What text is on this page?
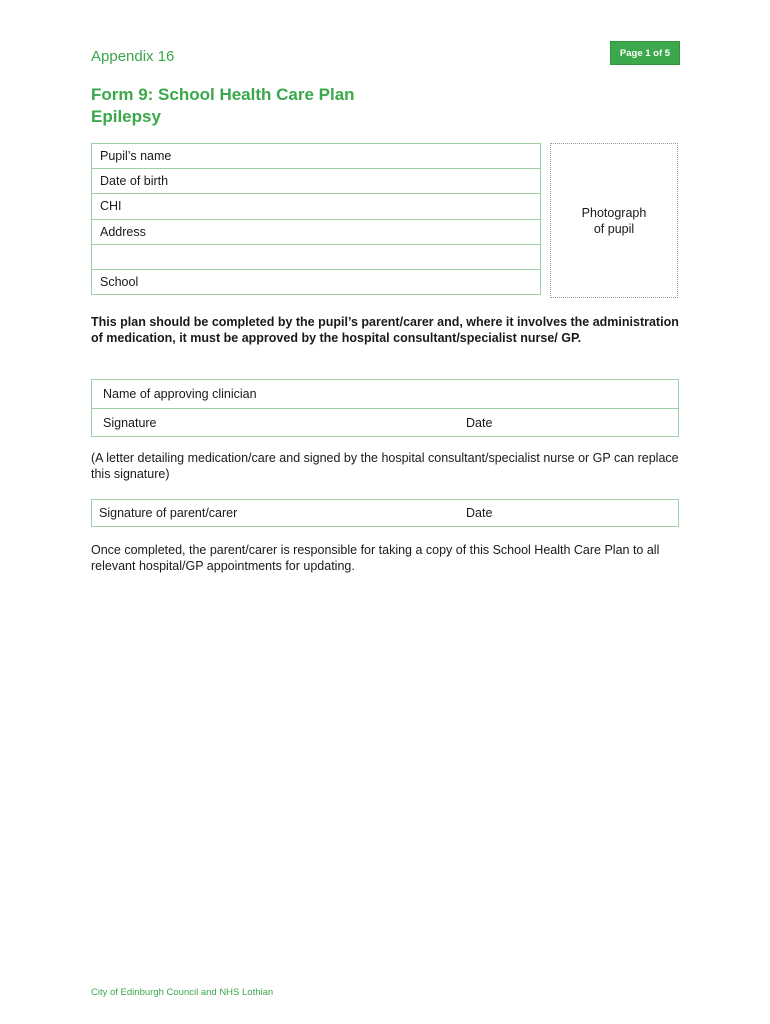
Appendix 16	Page 1 of 5
Form 9: School Health Care Plan
Epilepsy
Pupil’s name
Date of birth
CHI
Address
School
Photograph
of pupil
This plan should be completed by the pupil’s parent/carer and, where it involves the administration of medication, it must be approved by the hospital consultant/specialist nurse/ GP.
Name of approving clinician
Signature	Date
(A letter detailing medication/care and signed by the hospital consultant/specialist nurse or GP can replace this signature)
Signature of parent/carer	Date
Once completed, the parent/carer is responsible for taking a copy of this School Health Care Plan to all relevant hospital/GP appointments for updating.
City of Edinburgh Council and NHS Lothian
